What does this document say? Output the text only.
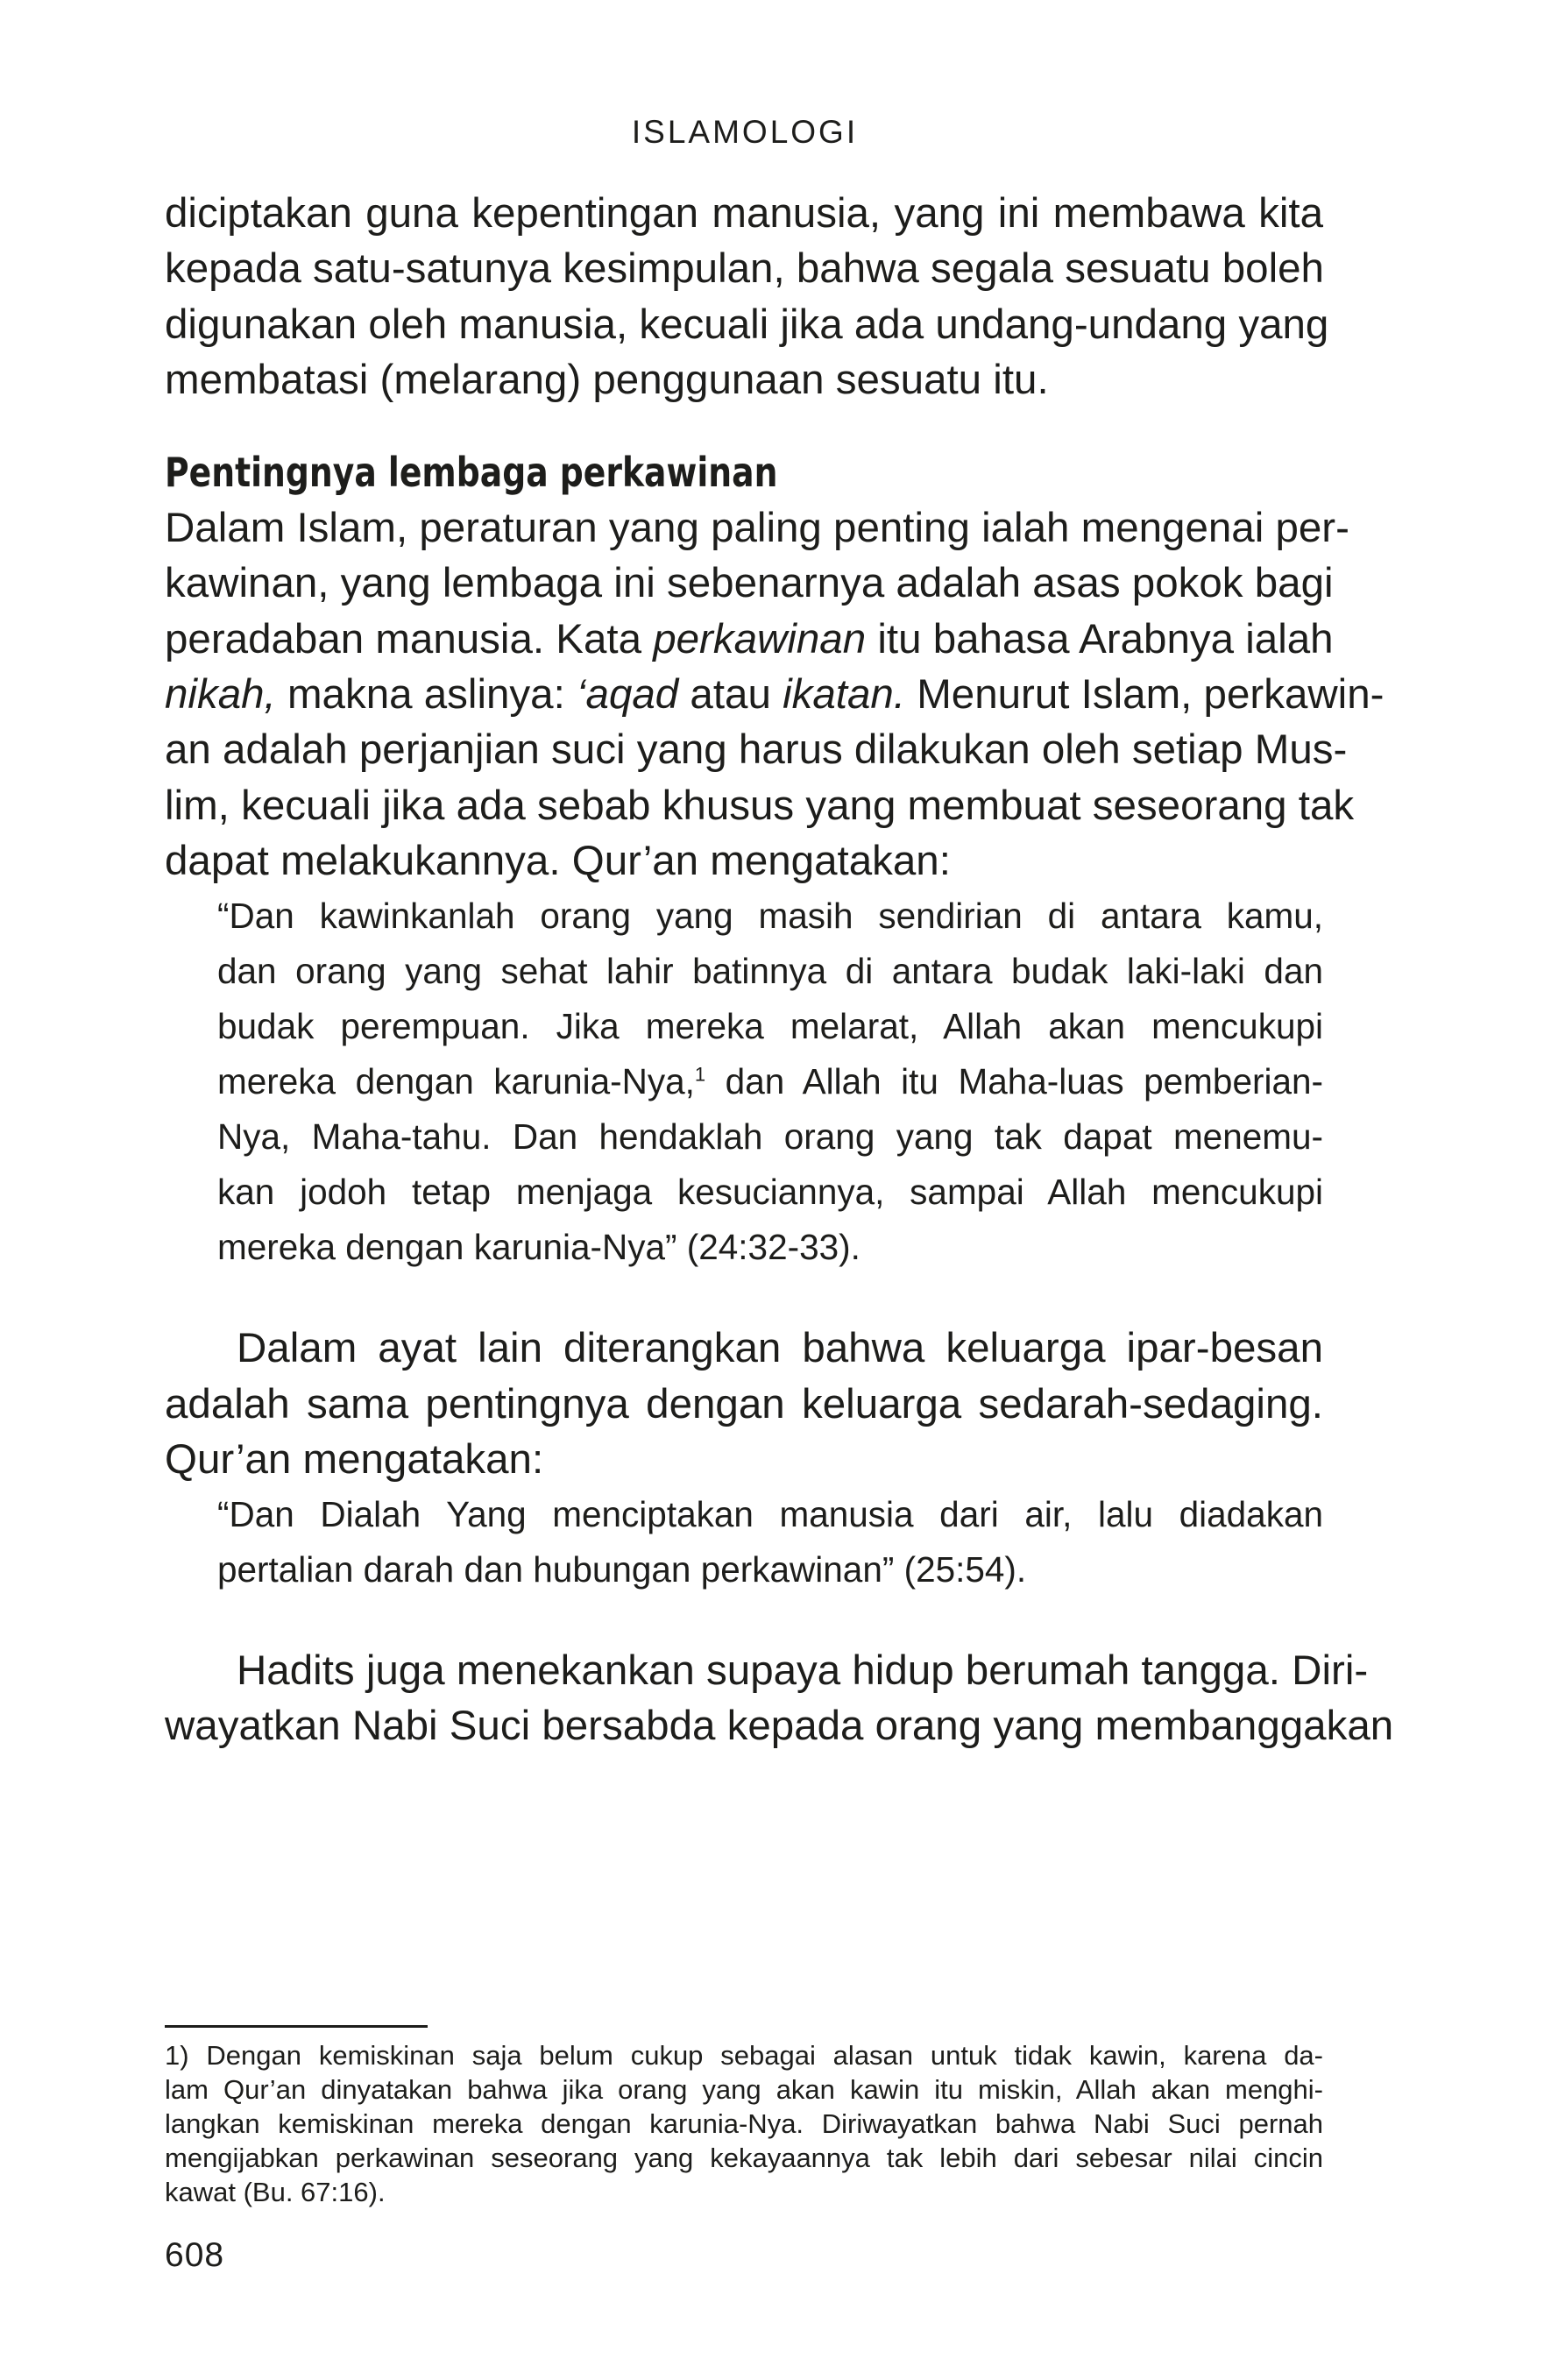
ISLAMOLOGI

diciptakan guna kepentingan manusia, yang ini membawa kita
kepada satu-satunya kesimpulan, bahwa segala sesuatu boleh
digunakan oleh manusia, kecuali jika ada undang-undang yang
membatasi (melarang) penggunaan sesuatu itu.

Pentingnya lembaga perkawinan

Dalam Islam, peraturan yang paling penting ialah mengenai per-
kawinan, yang lembaga ini sebenarnya adalah asas pokok bagi
peradaban manusia. Kata perkawinan itu bahasa Arabnya ialah
nikah, makna aslinya: ‘aqad atau ikatan. Menurut Islam, perkawin-
an adalah perjanjian suci yang harus dilakukan oleh setiap Mus-
lim, kecuali jika ada sebab khusus yang membuat seseorang tak
dapat melakukannya. Qur’an mengatakan:

“Dan kawinkanlah orang yang masih sendirian di antara kamu,
dan orang yang sehat lahir batinnya di antara budak laki-laki dan
budak perempuan. Jika mereka melarat, Allah akan mencukupi
mereka dengan karunia-Nya,$^1$ dan Allah itu Maha-luas pemberian-
Nya, Maha-tahu. Dan hendaklah orang yang tak dapat menemu-
kan jodoh tetap menjaga kesuciannya, sampai Allah mencukupi
mereka dengan karunia-Nya” (24:32-33).

Dalam ayat lain diterangkan bahwa keluarga ipar-besan
adalah sama pentingnya dengan keluarga sedarah-sedaging.
Qur’an mengatakan:

“Dan Dialah Yang menciptakan manusia dari air, lalu diadakan
pertalian darah dan hubungan perkawinan” (25:54).

Hadits juga menekankan supaya hidup berumah tangga. Diri-
wayatkan Nabi Suci bersabda kepada orang yang membanggakan

1) Dengan kemiskinan saja belum cukup sebagai alasan untuk tidak kawin, karena da-
lam Qur’an dinyatakan bahwa jika orang yang akan kawin itu miskin, Allah akan menghi-
langkan kemiskinan mereka dengan karunia-Nya. Diriwayatkan bahwa Nabi Suci pernah
mengijabkan perkawinan seseorang yang kekayaannya tak lebih dari sebesar nilai cincin
kawat (Bu. 67:16).
608
